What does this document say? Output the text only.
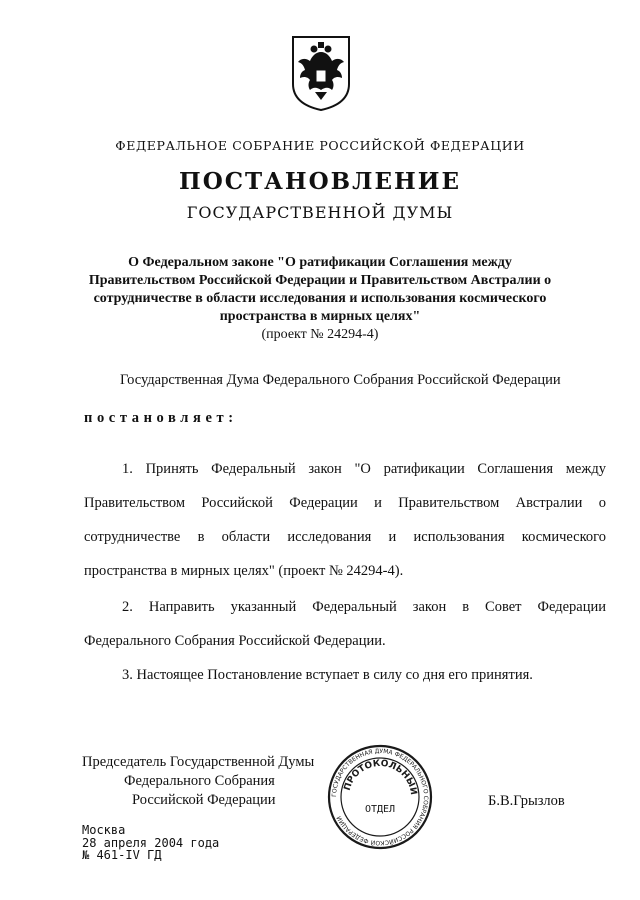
ФЕДЕРАЛЬНОЕ СОБРАНИЕ РОССИЙСКОЙ ФЕДЕРАЦИИ
ПОСТАНОВЛЕНИЕ
ГОСУДАРСТВЕННОЙ ДУМЫ
О Федеральном законе "О ратификации Соглашения между
Правительством Российской Федерации и Правительством Австралии о
сотрудничестве в области исследования и использования космического
пространства в мирных целях"
(проект № 24294-4)
Государственная Дума Федерального Собрания Российской Федерации
постановляет:
1. Принять Федеральный закон "О ратификации Соглашения между Правительством Российской Федерации и Правительством Австралии о сотрудничестве в области исследования и использования космического пространства в мирных целях" (проект № 24294-4).
2. Направить указанный Федеральный закон в Совет Федерации Федерального Собрания Российской Федерации.
3. Настоящее Постановление вступает в силу со дня его принятия.
Председатель Государственной Думы
Федерального Собрания
Российской Федерации	ГОСУДАРСТВЕННАЯ ДУМА ФЕДЕРАЛЬНОГО СОБРАНИЯ РОССИЙСКОЙ ФЕДЕРАЦИИ
ПРОТОКОЛЬНЫЙ
ОТДЕЛ
Б.В.Грызлов
Москва
28 апреля 2004 года
№ 461-IV ГД
